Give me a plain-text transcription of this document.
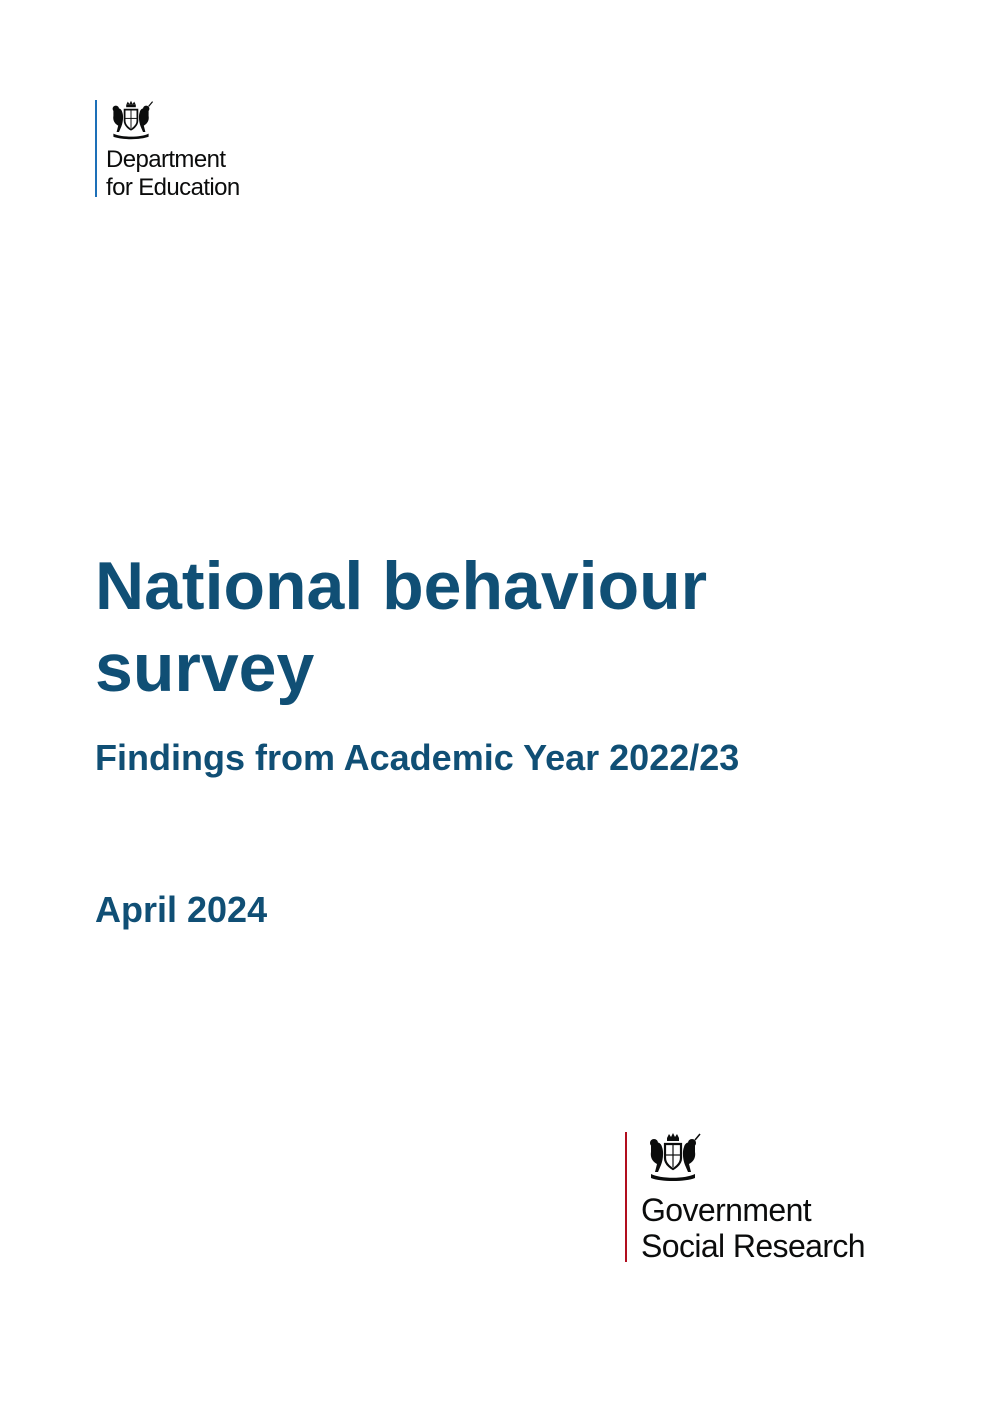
Department
for Education
National behaviour survey
Findings from Academic Year 2022/23

April 2024

Government
Social Research
